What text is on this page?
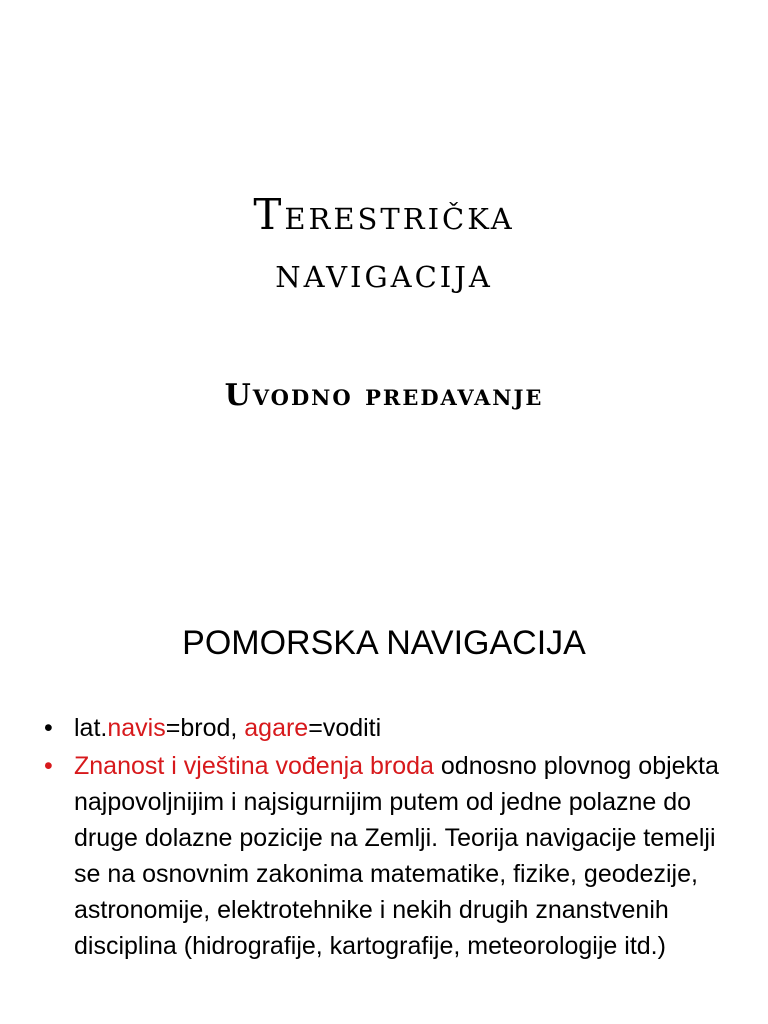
Terestrička
navigacija
Uvodno predavanje
POMORSKA NAVIGACIJA
• lat.navis=brod, agare=voditi
• Znanost i vještina vođenja broda odnosno plovnog objekta najpovoljnijim i najsigurnijim putem od jedne polazne do druge dolazne pozicije na Zemlji. Teorija navigacije temelji se na osnovnim zakonima matematike, fizike, geodezije, astronomije, elektrotehnike i nekih drugih znanstvenih disciplina (hidrografije, kartografije, meteorologije itd.)
